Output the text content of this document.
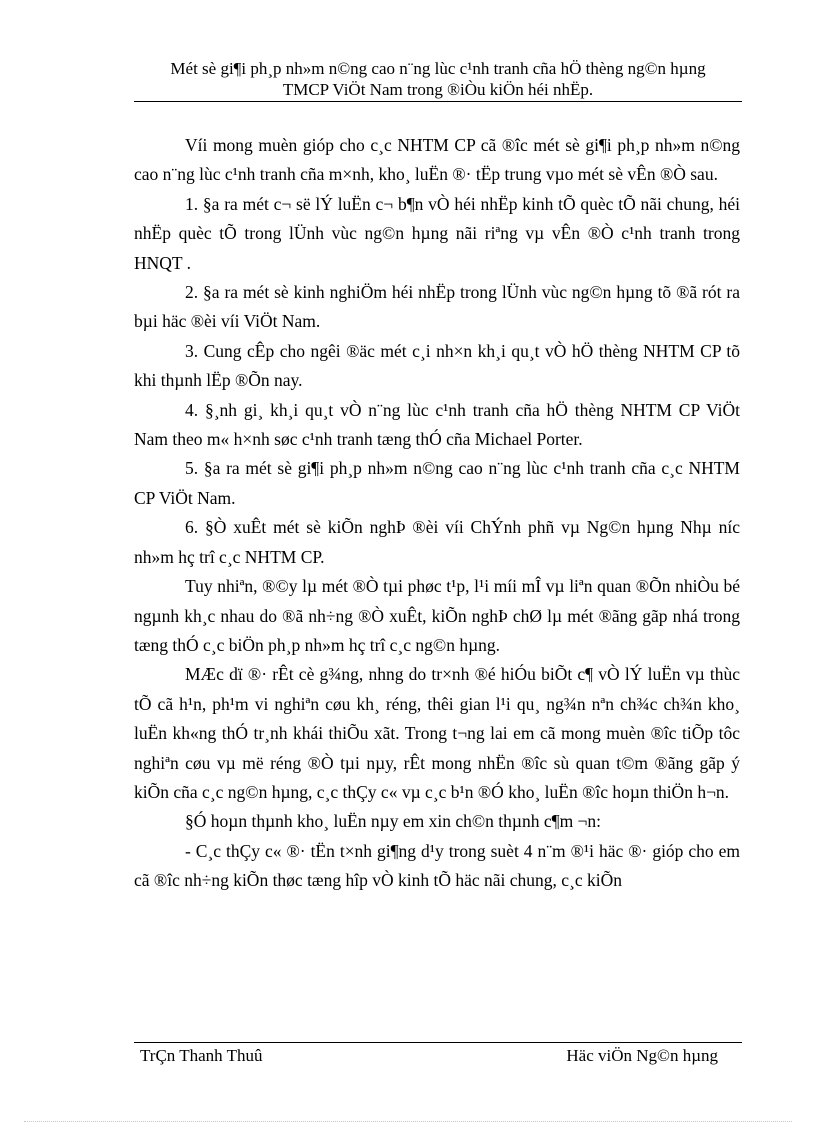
Mét sè gi¶i ph¸p nh»m n©ng cao n¨ng lùc c¹nh tranh cña hÖ thèng ng©n hµng
TMCP ViÖt Nam trong ®iÒu kiÖn héi nhËp.

Víi mong muèn gióp cho c¸c NHTM CP cã ®îc mét sè gi¶i ph¸p nh»m n©ng cao n¨ng lùc c¹nh tranh cña m×nh, kho¸ luËn ®· tËp trung vµo mét sè vÊn ®Ò sau.

1. §a ra mét c¬ së lÝ luËn c¬ b¶n vÒ héi nhËp kinh tÕ quèc tÕ nãi chung, héi nhËp quèc tÕ trong lÜnh vùc ng©n hµng nãi riªng vµ vÊn ®Ò c¹nh tranh trong HNQT .

2. §a ra mét sè kinh nghiÖm héi nhËp trong lÜnh vùc ng©n hµng tõ ®ã rót ra bµi häc ®èi víi ViÖt Nam.

3. Cung cÊp cho ngêi ®äc mét c¸i nh×n kh¸i qu¸t vÒ hÖ thèng NHTM CP tõ khi thµnh lËp ®Õn nay.

4. §¸nh gi¸ kh¸i qu¸t vÒ n¨ng lùc c¹nh tranh cña hÖ thèng NHTM CP ViÖt Nam theo m« h×nh søc c¹nh tranh tæng thÓ cña Michael Porter.

5. §a ra mét sè gi¶i ph¸p nh»m n©ng cao n¨ng lùc c¹nh tranh cña c¸c NHTM CP ViÖt Nam.

6. §Ò xuÊt mét sè kiÕn nghÞ ®èi víi ChÝnh phñ vµ Ng©n hµng Nhµ níc nh»m hç trî c¸c NHTM CP.

Tuy nhiªn, ®©y lµ mét ®Ò tµi phøc t¹p, l¹i míi mÎ vµ liªn quan ®Õn nhiÒu bé ngµnh kh¸c nhau do ®ã nh÷ng ®Ò xuÊt, kiÕn nghÞ chØ lµ mét ®ãng gãp nhá trong tæng thÓ c¸c biÖn ph¸p nh»m hç trî c¸c ng©n hµng.

MÆc dï ®· rÊt cè g¾ng, nhng do tr×nh ®é hiÓu biÕt c¶ vÒ lÝ luËn vµ thùc tÕ cã h¹n, ph¹m vi nghiªn cøu kh¸ réng, thêi gian l¹i qu¸ ng¾n nªn ch¾c ch¾n kho¸ luËn kh«ng thÓ tr¸nh khái thiÕu xãt. Trong t¬ng lai em cã mong muèn ®îc tiÕp tôc nghiªn cøu vµ më réng ®Ò tµi nµy, rÊt mong nhËn ®îc sù quan t©m ®ãng gãp ý kiÕn cña c¸c ng©n hµng, c¸c thÇy c« vµ c¸c b¹n ®Ó kho¸ luËn ®îc hoµn thiÖn h¬n.

§Ó hoµn thµnh kho¸ luËn nµy em xin ch©n thµnh c¶m ¬n:

- C¸c thÇy c« ®· tËn t×nh gi¶ng d¹y trong suèt 4 n¨m ®¹i häc ®· gióp cho em cã ®îc nh÷ng kiÕn thøc tæng hîp vÒ kinh tÕ häc nãi chung, c¸c kiÕn

TrÇn Thanh Thuû	Häc viÖn Ng©n hµng
